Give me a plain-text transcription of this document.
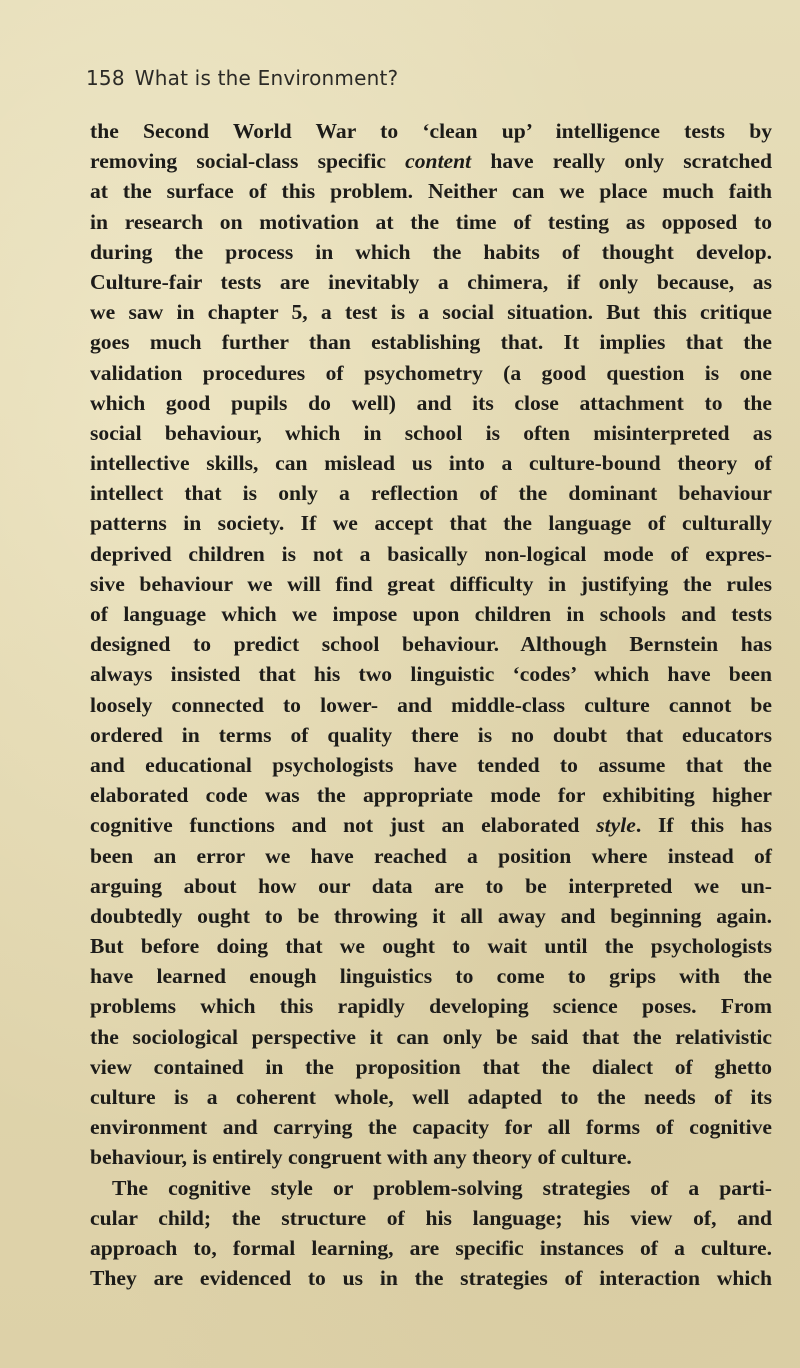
158 What is the Environment?
the Second World War to ‘clean up’ intelligence tests by
removing social-class specific content have really only scratched
at the surface of this problem. Neither can we place much faith
in research on motivation at the time of testing as opposed to
during the process in which the habits of thought develop.
Culture-fair tests are inevitably a chimera, if only because, as
we saw in chapter 5, a test is a social situation. But this critique
goes much further than establishing that. It implies that the
validation procedures of psychometry (a good question is one
which good pupils do well) and its close attachment to the
social behaviour, which in school is often misinterpreted as
intellective skills, can mislead us into a culture-bound theory of
intellect that is only a reflection of the dominant behaviour
patterns in society. If we accept that the language of culturally
deprived children is not a basically non-logical mode of expres-
sive behaviour we will find great difficulty in justifying the rules
of language which we impose upon children in schools and tests
designed to predict school behaviour. Although Bernstein has
always insisted that his two linguistic ‘codes’ which have been
loosely connected to lower- and middle-class culture cannot be
ordered in terms of quality there is no doubt that educators
and educational psychologists have tended to assume that the
elaborated code was the appropriate mode for exhibiting higher
cognitive functions and not just an elaborated style. If this has
been an error we have reached a position where instead of
arguing about how our data are to be interpreted we un-
doubtedly ought to be throwing it all away and beginning again.
But before doing that we ought to wait until the psychologists
have learned enough linguistics to come to grips with the
problems which this rapidly developing science poses. From
the sociological perspective it can only be said that the relativistic
view contained in the proposition that the dialect of ghetto
culture is a coherent whole, well adapted to the needs of its
environment and carrying the capacity for all forms of cognitive
behaviour, is entirely congruent with any theory of culture.
The cognitive style or problem-solving strategies of a parti-
cular child; the structure of his language; his view of, and
approach to, formal learning, are specific instances of a culture.
They are evidenced to us in the strategies of interaction which
